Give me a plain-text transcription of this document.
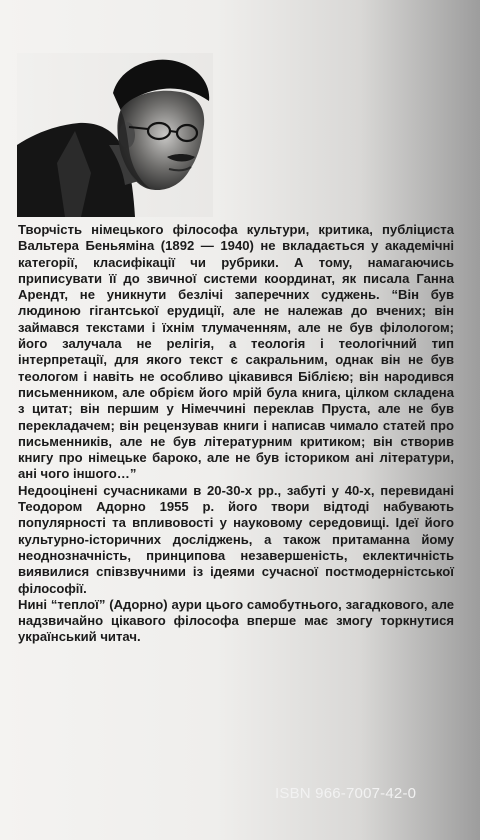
Творчість німецького філософа культури, критика, публіциста Вальтера Беньяміна (1892 — 1940) не вкладається у академічні категорії, класифікації чи рубрики. А тому, намагаючись приписувати її до звичної системи координат, як писала Ганна Арендт, не уникнути безлічі заперечних суджень. “Він був людиною гігантської ерудиції, але не належав до вчених; він займався текстами і їхнім тлумаченням, але не був філологом; його залучала не релігія, а теологія і теологічний тип інтерпретації, для якого текст є сакральним, однак він не був теологом і навіть не особливо цікавився Біблією; він народився письменником, але обрієм його мрій була книга, цілком складена з цитат; він першим у Німеччині переклав Пруста, але не був перекладачем; він рецензував книги і написав чимало статей про письменників, але не був літературним критиком; він створив книгу про німецьке бароко, але не був істориком ані літератури, ані чого іншого…”

Недооцінені сучасниками в 20-30-х рр., забуті у 40-х, перевидані Теодором Адорно 1955 р. його твори відтоді набувають популярності та впливовості у науковому середовищі. Ідеї його культурно-історичних досліджень, а також притаманна йому неоднозначність, принципова незавершеність, еклектичність виявилися співзвучними із ідеями сучасної постмодерністської філософії.

Нині “теплої” (Адорно) аури цього самобутнього, загадкового, але надзвичайно цікавого філософа вперше має змогу торкнутися український читач.

ISBN 966-7007-42-0
